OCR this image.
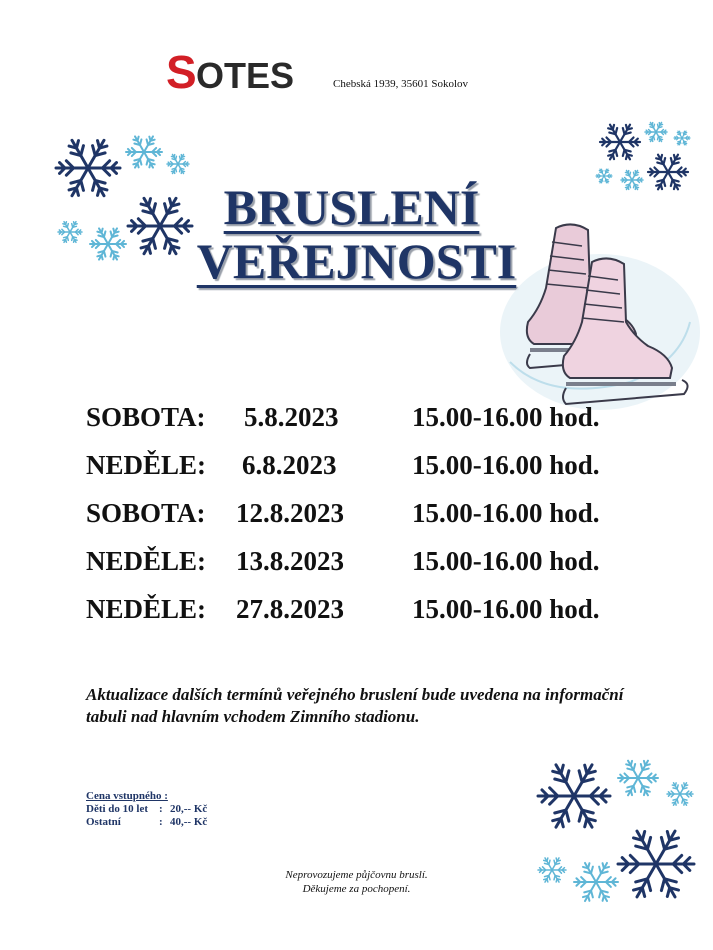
S OTES	Chebská 1939, 35601 Sokolov
BRUSLENÍ
VEŘEJNOSTI
SOBOTA: 5.8.2023	15.00-16.00 hod.
NEDĚLE: 6.8.2023	15.00-16.00 hod.
SOBOTA: 12.8.2023	15.00-16.00 hod.
NEDĚLE: 13.8.2023	15.00-16.00 hod.
NEDĚLE: 27.8.2023	15.00-16.00 hod.
Aktualizace dalších termínů veřejného bruslení bude uvedena na informační tabuli nad hlavním vchodem Zimního stadionu.
Cena vstupného :
Děti do 10 let : 20,-- Kč
Ostatní	: 40,-- Kč
Neprovozujeme půjčovnu bruslí.
Děkujeme za pochopení.
